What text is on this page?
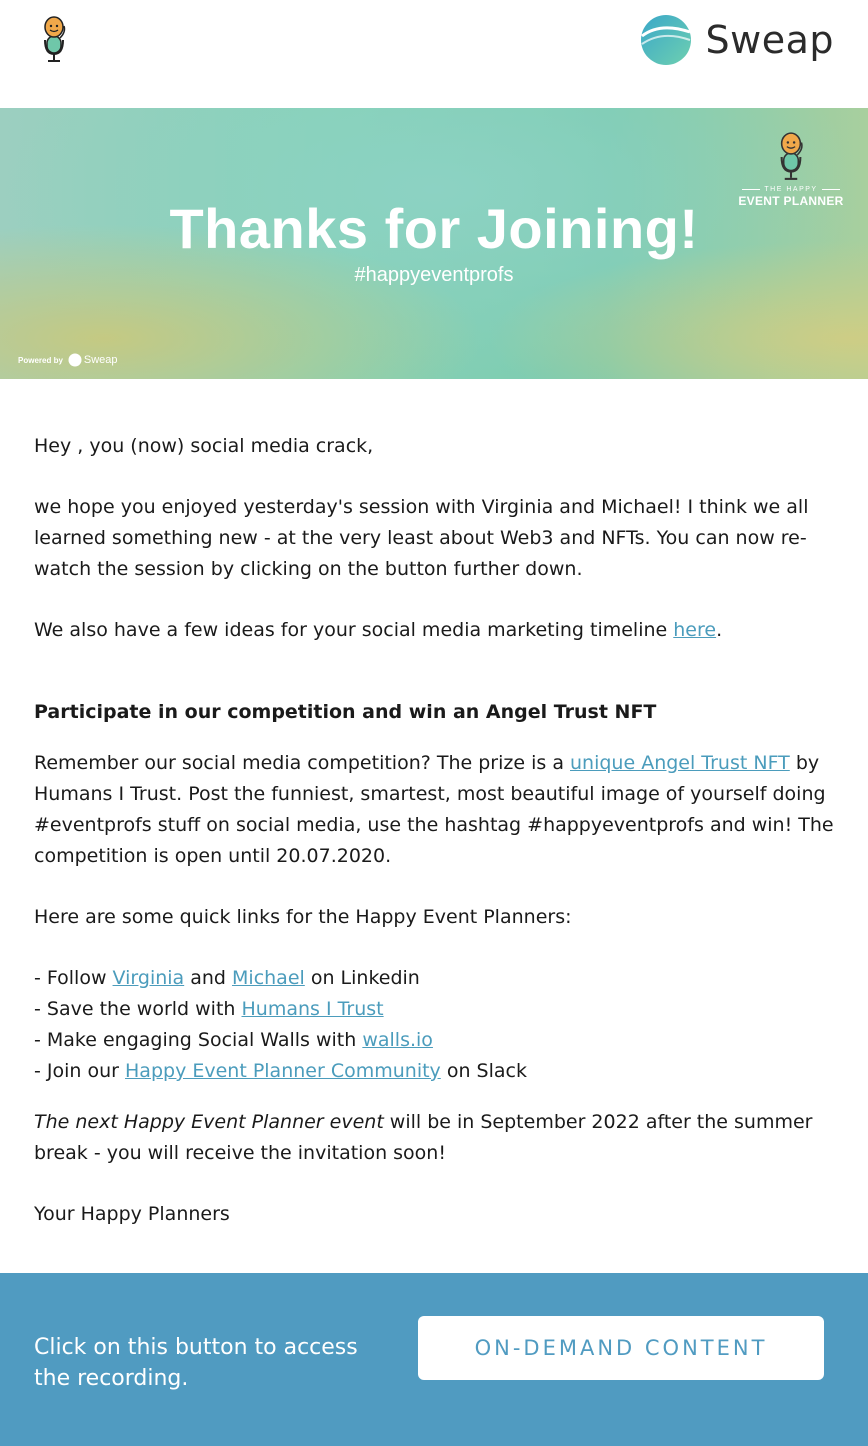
Sweap
Thanks for Joining!
#happyeventprofs
THE HAPPY
EVENT PLANNER
Powered by Sweap

Hey , you (now) social media crack,

we hope you enjoyed yesterday's session with Virginia and Michael! I think we all learned something new - at the very least about Web3 and NFTs. You can now re-watch the session by clicking on the button further down.

We also have a few ideas for your social media marketing timeline here.

Participate in our competition and win an Angel Trust NFT

Remember our social media competition? The prize is a unique Angel Trust NFT by Humans I Trust. Post the funniest, smartest, most beautiful image of yourself doing #eventprofs stuff on social media, use the hashtag #happyeventprofs and win! The competition is open until 20.07.2020.

Here are some quick links for the Happy Event Planners:

- Follow Virginia and Michael on Linkedin
- Save the world with Humans I Trust
- Make engaging Social Walls with walls.io
- Join our Happy Event Planner Community on Slack

The next Happy Event Planner event will be in September 2022 after the summer break - you will receive the invitation soon!

Your Happy Planners

Click on this button to access the recording.
ON-DEMAND CONTENT
